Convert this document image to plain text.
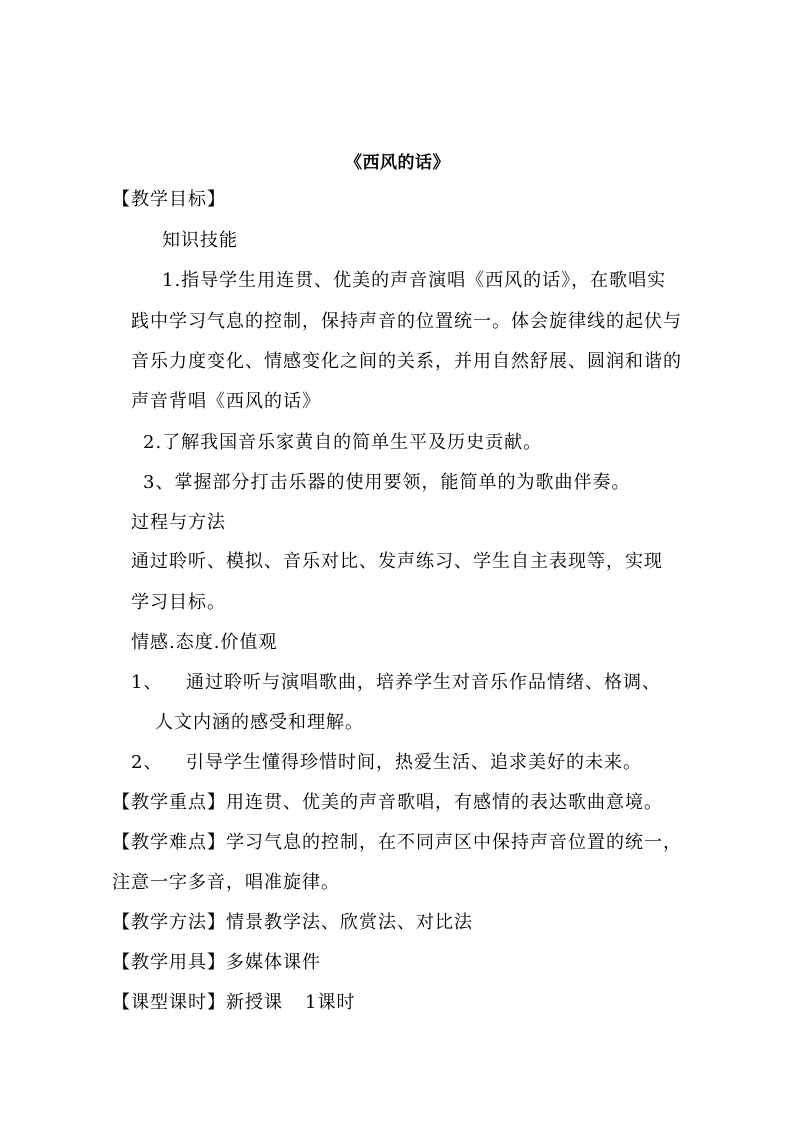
《西风的话》
【教学目标】
知识技能
1.指导学生用连贯、优美的声音演唱《西风的话》，在歌唱实
践中学习气息的控制，保持声音的位置统一。体会旋律线的起伏与
音乐力度变化、情感变化之间的关系，并用自然舒展、圆润和谐的
声音背唱《西风的话》
2.了解我国音乐家黄自的简单生平及历史贡献。
3、掌握部分打击乐器的使用要领，能简单的为歌曲伴奏。
过程与方法
通过聆听、模拟、音乐对比、发声练习、学生自主表现等，实现
学习目标。
情感.态度.价值观
1、 通过聆听与演唱歌曲，培养学生对音乐作品情绪、格调、
人文内涵的感受和理解。
2、 引导学生懂得珍惜时间，热爱生活、追求美好的未来。
【教学重点】用连贯、优美的声音歌唱，有感情的表达歌曲意境。
【教学难点】学习气息的控制，在不同声区中保持声音位置的统一，
注意一字多音，唱准旋律。
【教学方法】情景教学法、欣赏法、对比法
【教学用具】多媒体课件
【课型课时】新授课 1课时
